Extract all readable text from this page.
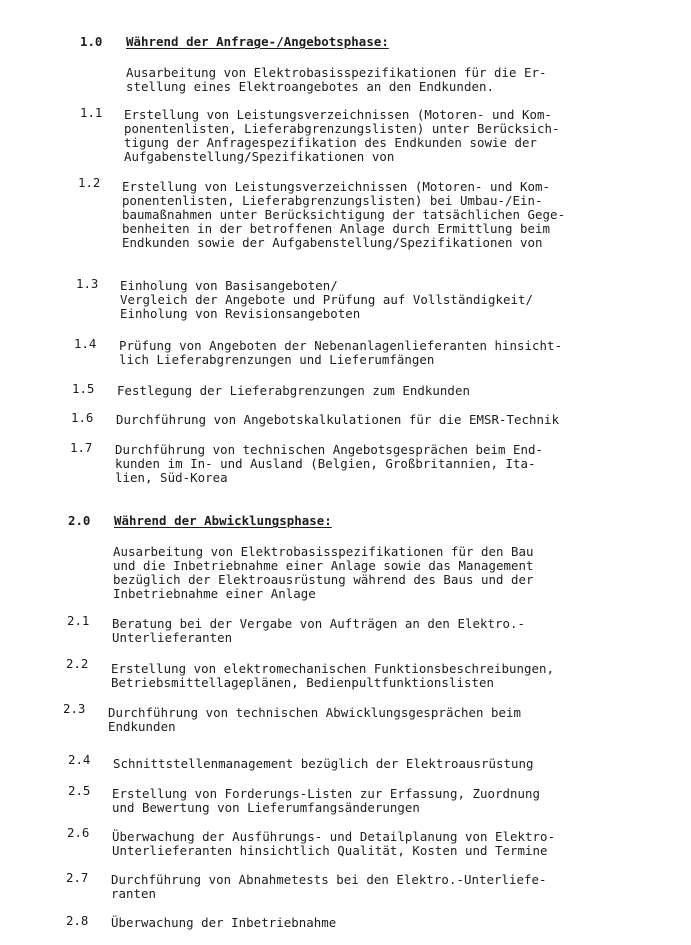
1.0 Während der Anfrage-/Angebotsphase:
Ausarbeitung von Elektrobasisspezifikationen für die Er-
stellung eines Elektroangebotes an den Endkunden.
1.1 Erstellung von Leistungsverzeichnissen (Motoren- und Kom-
ponentenlisten, Lieferabgrenzungslisten) unter Berücksich-
tigung der Anfragespezifikation des Endkunden sowie der
Aufgabenstellung/Spezifikationen von
1.2 Erstellung von Leistungsverzeichnissen (Motoren- und Kom-
ponentenlisten, Lieferabgrenzungslisten) bei Umbau-/Ein-
baumaßnahmen unter Berücksichtigung der tatsächlichen Gege-
benheiten in der betroffenen Anlage durch Ermittlung beim
Endkunden sowie der Aufgabenstellung/Spezifikationen von
1.3 Einholung von Basisangeboten/
Vergleich der Angebote und Prüfung auf Vollständigkeit/
Einholung von Revisionsangeboten
1.4 Prüfung von Angeboten der Nebenanlagenlieferanten hinsicht-
lich Lieferabgrenzungen und Lieferumfängen
1.5 Festlegung der Lieferabgrenzungen zum Endkunden
1.6 Durchführung von Angebotskalkulationen für die EMSR-Technik
1.7 Durchführung von technischen Angebotsgesprächen beim End-
kunden im In- und Ausland (Belgien, Großbritannien, Ita-
lien, Süd-Korea
2.0 Während der Abwicklungsphase:
Ausarbeitung von Elektrobasisspezifikationen für den Bau
und die Inbetriebnahme einer Anlage sowie das Management
bezüglich der Elektroausrüstung während des Baus und der
Inbetriebnahme einer Anlage
2.1 Beratung bei der Vergabe von Aufträgen an den Elektro.-
Unterlieferanten
2.2 Erstellung von elektromechanischen Funktionsbeschreibungen,
Betriebsmittellageplänen, Bedienpultfunktionslisten
2.3 Durchführung von technischen Abwicklungsgesprächen beim
Endkunden
2.4 Schnittstellenmanagement bezüglich der Elektroausrüstung
2.5 Erstellung von Forderungs-Listen zur Erfassung, Zuordnung
und Bewertung von Lieferumfangsänderungen
2.6 Überwachung der Ausführungs- und Detailplanung von Elektro-
Unterlieferanten hinsichtlich Qualität, Kosten und Termine
2.7 Durchführung von Abnahmetests bei den Elektro.-Unterliefe-
ranten
2.8 Überwachung der Inbetriebnahme
